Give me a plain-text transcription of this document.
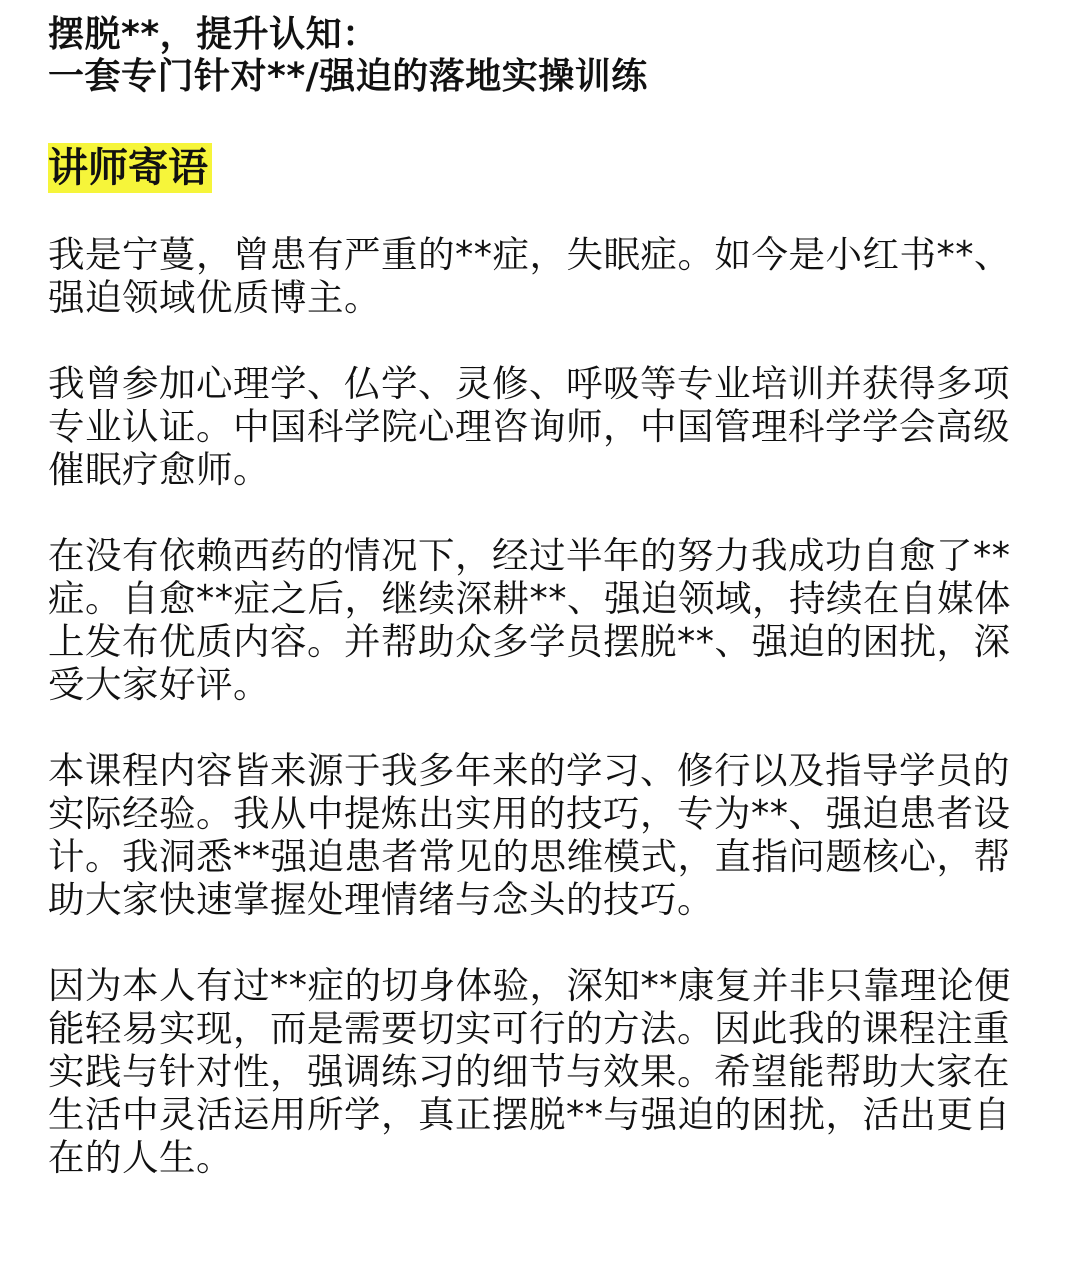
摆脱**，提升认知：
一套专门针对**/强迫的落地实操训练
讲师寄语

我是宁蔓，曾患有严重的**症，失眠症。如今是小红书**、强迫领域优质博主。

我曾参加心理学、仏学、灵修、呼吸等专业培训并获得多项专业认证。中国科学院心理咨询师，中国管理科学学会高级催眠疗愈师。

在没有依赖西药的情况下，经过半年的努力我成功自愈了**症。自愈**症之后，继续深耕**、强迫领域，持续在自媒体上发布优质内容。并帮助众多学员摆脱**、强迫的困扰，深受大家好评。

本课程内容皆来源于我多年来的学习、修行以及指导学员的实际经验。我从中提炼出实用的技巧，专为**、强迫患者设计。我洞悉**强迫患者常见的思维模式，直指问题核心，帮助大家快速掌握处理情绪与念头的技巧。

因为本人有过**症的切身体验，深知**康复并非只靠理论便能轻易实现，而是需要切实可行的方法。因此我的课程注重实践与针对性，强调练习的细节与效果。希望能帮助大家在生活中灵活运用所学，真正摆脱**与强迫的困扰，活出更自在的人生。
